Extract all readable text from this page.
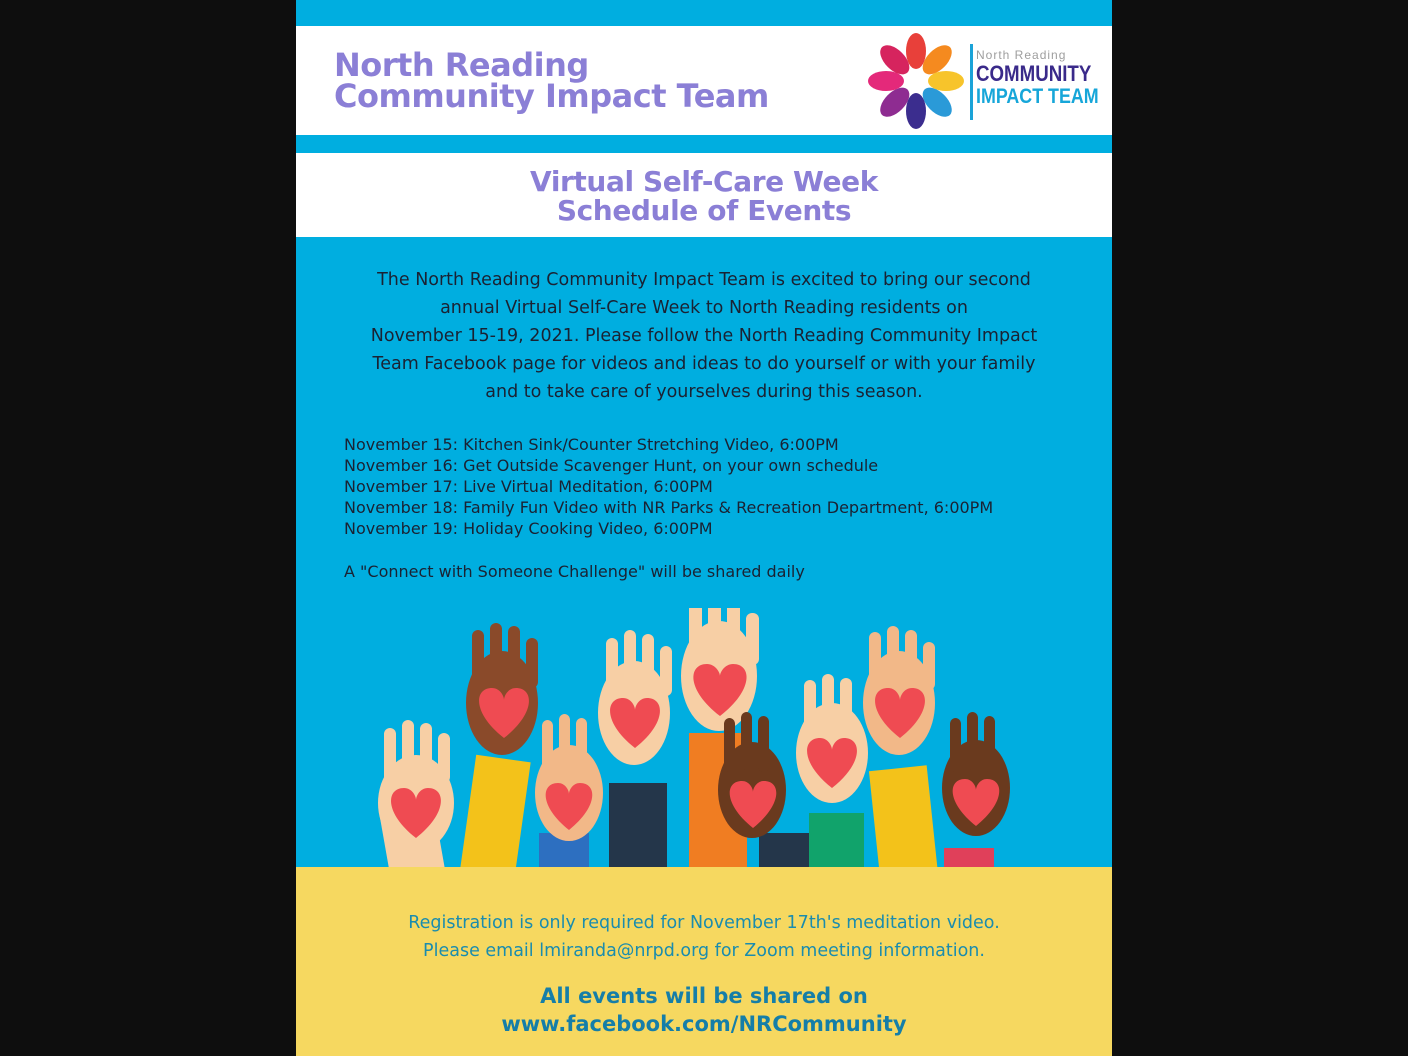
North Reading
Community Impact Team
North Reading
COMMUNITY
IMPACT TEAM
Virtual Self-Care Week
Schedule of Events

The North Reading Community Impact Team is excited to bring our second

annual Virtual Self-Care Week to North Reading residents on

November 15-19, 2021. Please follow the North Reading Community Impact

Team Facebook page for videos and ideas to do yourself or with your family

and to take care of yourselves during this season.

November 15: Kitchen Sink/Counter Stretching Video, 6:00PM
November 16: Get Outside Scavenger Hunt, on your own schedule
November 17: Live Virtual Meditation, 6:00PM
November 18: Family Fun Video with NR Parks & Recreation Department, 6:00PM
November 19: Holiday Cooking Video, 6:00PM
A "Connect with Someone Challenge" will be shared daily

Registration is only required for November 17th's meditation video.

Please email lmiranda@nrpd.org for Zoom meeting information.

All events will be shared on

www.facebook.com/NRCommunity
